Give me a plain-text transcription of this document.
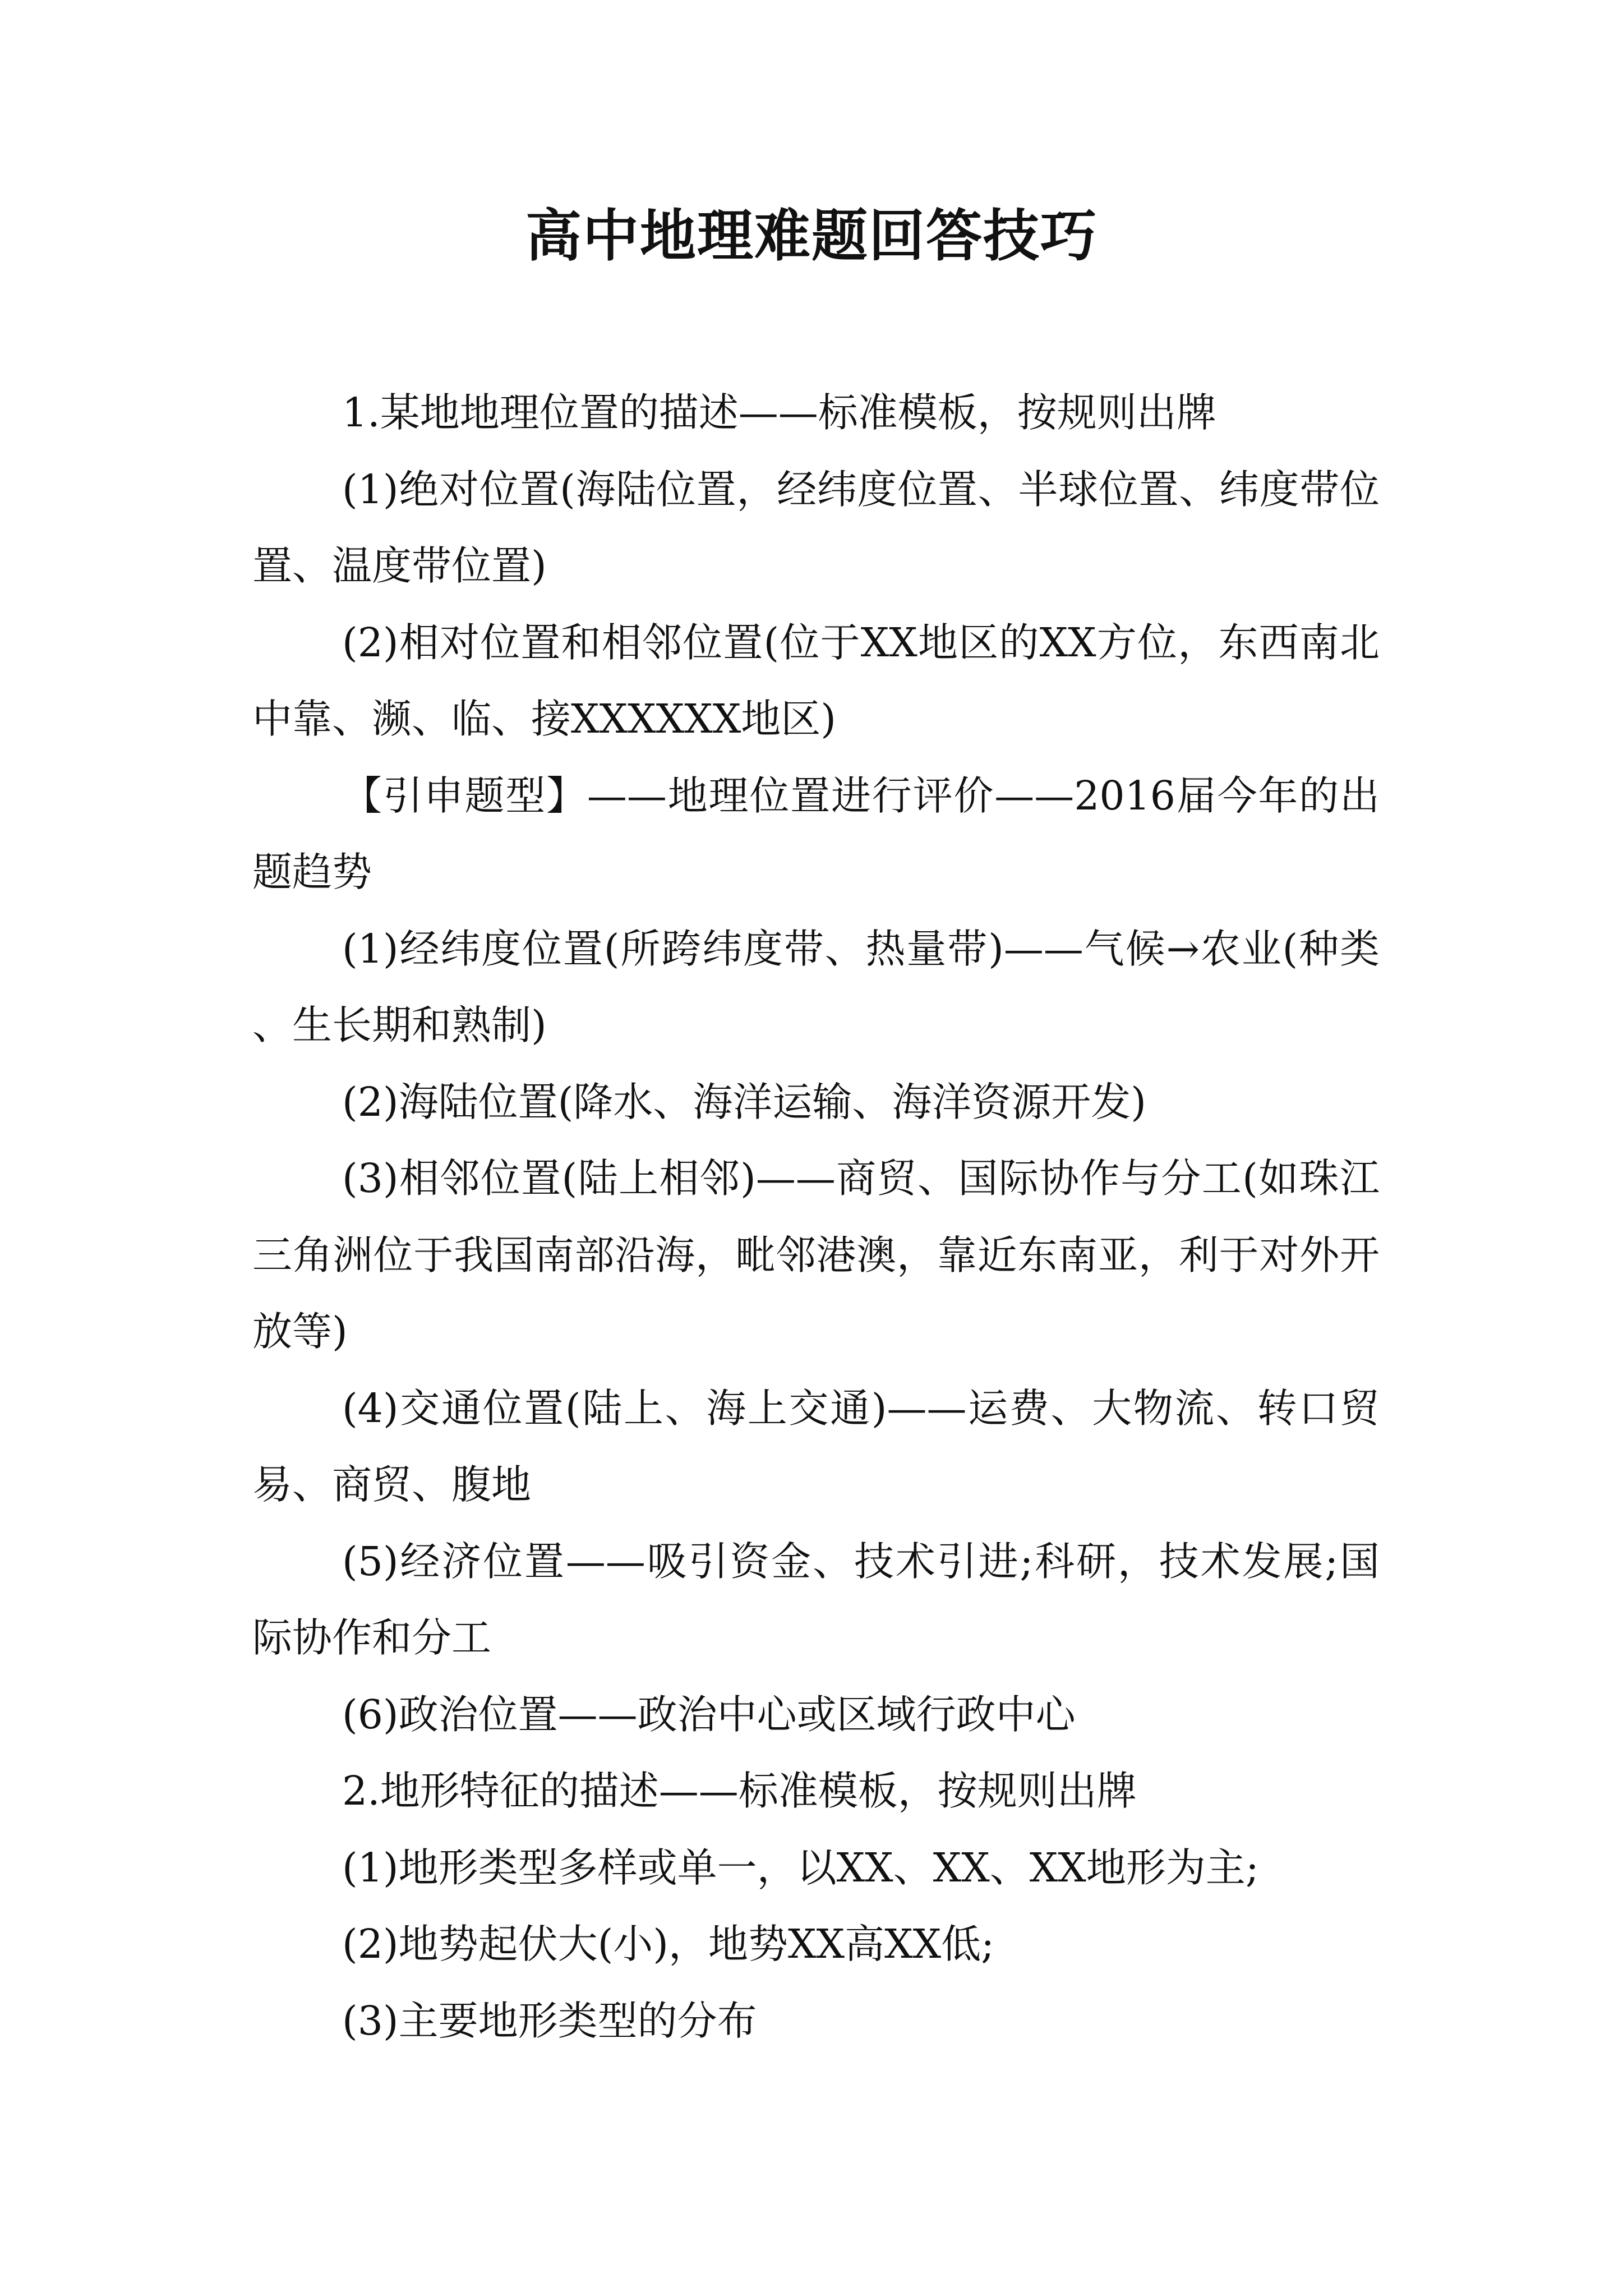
高中地理难题回答技巧

1.某地地理位置的描述——标准模板，按规则出牌

(1)绝对位置(海陆位置，经纬度位置、半球位置、纬度带位置、温度带位置)

(2)相对位置和相邻位置(位于XX地区的XX方位，东西南北中靠、濒、临、接XXXXXX地区)

【引申题型】——地理位置进行评价——2016届今年的出题趋势

(1)经纬度位置(所跨纬度带、热量带)——气候→农业(种类、生长期和熟制)

(2)海陆位置(降水、海洋运输、海洋资源开发)

(3)相邻位置(陆上相邻)——商贸、国际协作与分工(如珠江三角洲位于我国南部沿海，毗邻港澳，靠近东南亚，利于对外开放等)

(4)交通位置(陆上、海上交通)——运费、大物流、转口贸易、商贸、腹地

(5)经济位置——吸引资金、技术引进;科研，技术发展;国际协作和分工

(6)政治位置——政治中心或区域行政中心

2.地形特征的描述——标准模板，按规则出牌

(1)地形类型多样或单一，以XX、XX、XX地形为主;

(2)地势起伏大(小)，地势XX高XX低;

(3)主要地形类型的分布
